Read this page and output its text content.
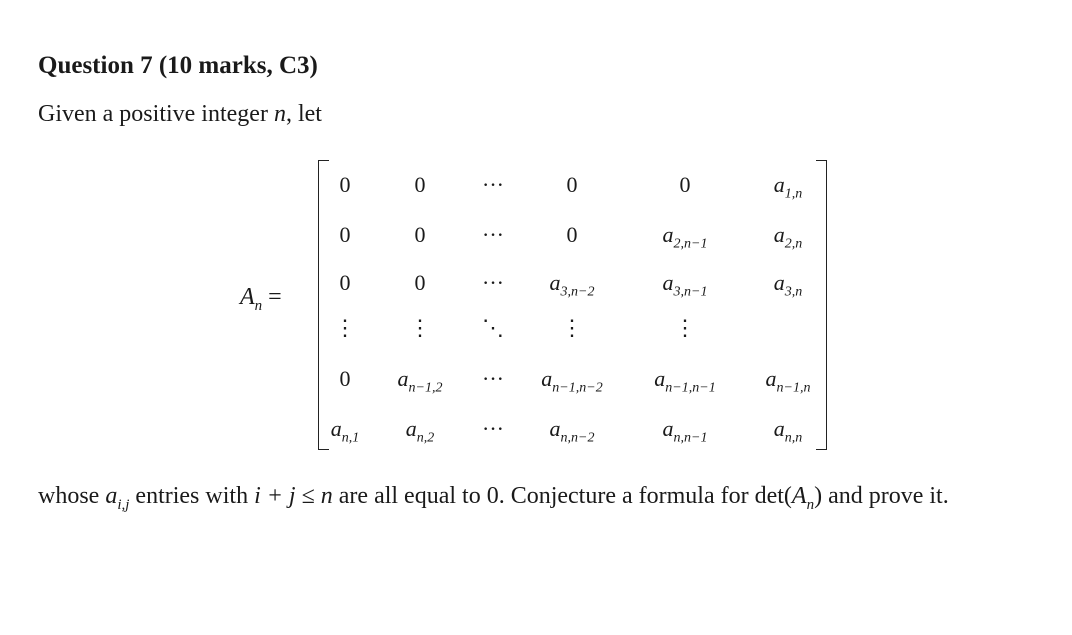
Question 7 (10 marks, C3)
Given a positive integer n, let
$A_n$ =
0	0	···	0	0	$a_{1,n}$
0	0	···	0	$a_{2,n-1}$	$a_{2,n}$
0	0	···	$a_{3,n-2}$	$a_{3,n-1}$	$a_{3,n}$
⋮	⋮	⋱	⋮	⋮
0	$a_{n-1,2}$	···	$a_{n-1,n-2}$	$a_{n-1,n-1}$	$a_{n-1,n}$
$a_{n,1}$	$a_{n,2}$	···	$a_{n,n-2}$	$a_{n,n-1}$	$a_{n,n}$

whose $a_{i,j}$ entries with i + j ≤ n are all equal to 0. Conjecture a formula for $\det(A_n)$ and prove it.
